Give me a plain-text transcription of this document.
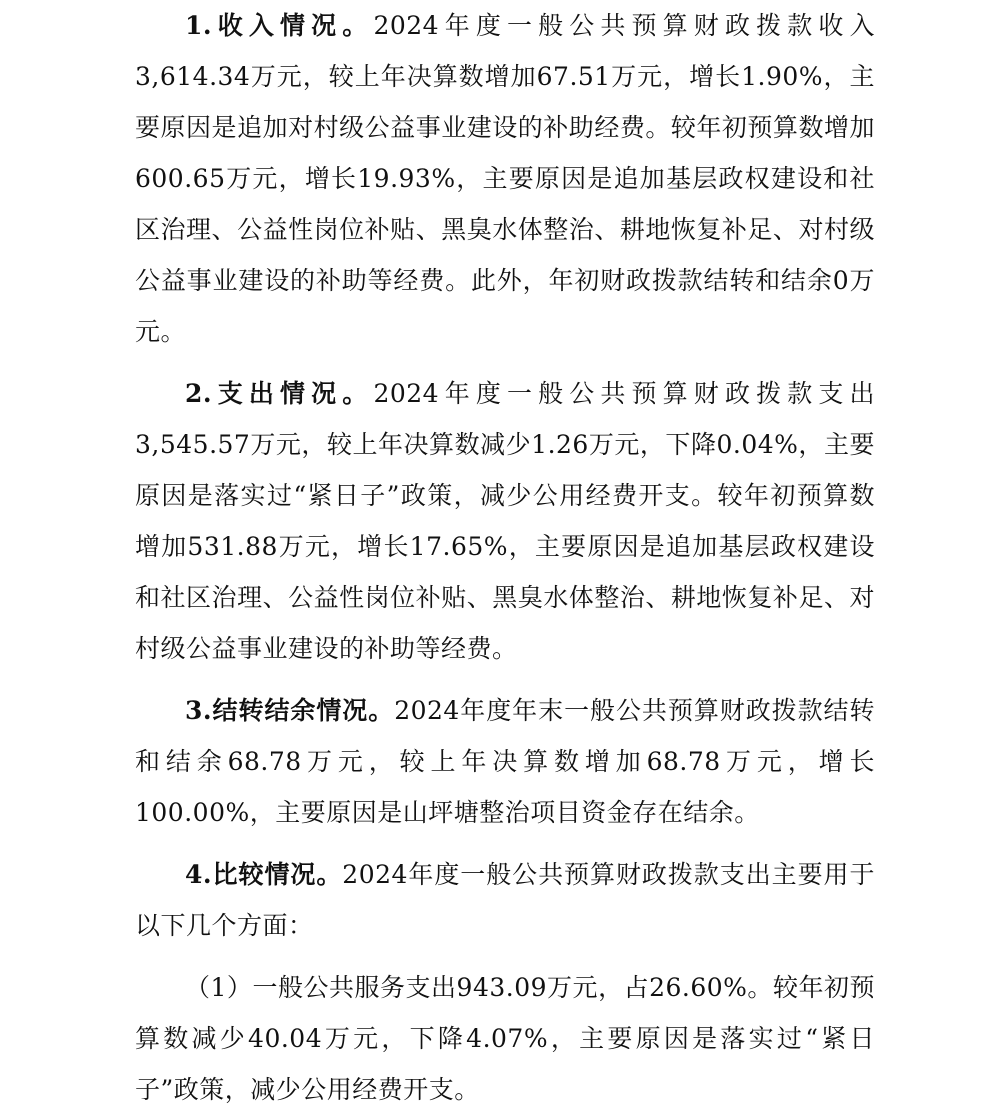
1.收入情况。2024年度一般公共预算财政拨款收入3,614.34万元，较上年决算数增加67.51万元，增长1.90%，主要原因是追加对村级公益事业建设的补助经费。较年初预算数增加600.65万元，增长19.93%，主要原因是追加基层政权建设和社区治理、公益性岗位补贴、黑臭水体整治、耕地恢复补足、对村级公益事业建设的补助等经费。此外，年初财政拨款结转和结余0万元。

2.支出情况。2024年度一般公共预算财政拨款支出3,545.57万元，较上年决算数减少1.26万元，下降0.04%，主要原因是落实过“紧日子”政策，减少公用经费开支。较年初预算数增加531.88万元，增长17.65%，主要原因是追加基层政权建设和社区治理、公益性岗位补贴、黑臭水体整治、耕地恢复补足、对村级公益事业建设的补助等经费。

3.结转结余情况。2024年度年末一般公共预算财政拨款结转和结余68.78万元，较上年决算数增加68.78万元，增长100.00%，主要原因是山坪塘整治项目资金存在结余。

4.比较情况。2024年度一般公共预算财政拨款支出主要用于以下几个方面：

（1）一般公共服务支出943.09万元，占26.60%。较年初预算数减少40.04万元，下降4.07%，主要原因是落实过“紧日子”政策，减少公用经费开支。
